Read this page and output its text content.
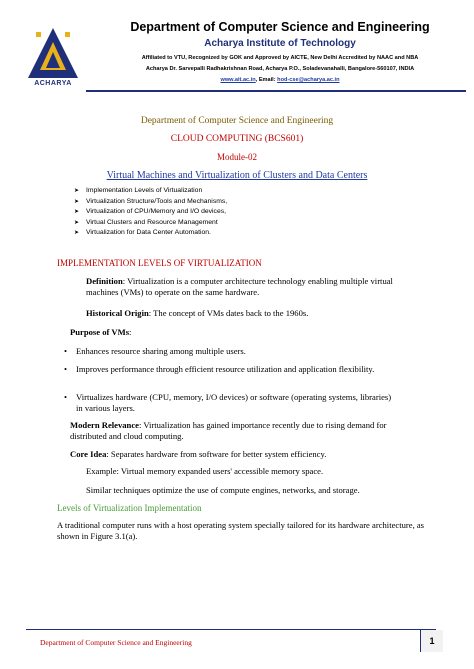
ACHARYA
Department of Computer Science and Engineering
Acharya Institute of Technology
Affiliated to VTU, Recognized by GOK and Approved by AICTE, New Delhi Accredited by NAAC and NBA
Acharya Dr. Sarvepalli Radhakrishnan Road, Acharya P.O., Soladevanahalli, Bangalore-560107, INDIA
www.ait.ac.in, Email: hod-cse@acharya.ac.in
Department of Computer Science and Engineering
CLOUD COMPUTING (BCS601)
Module-02
Virtual Machines and Virtualization of Clusters and Data Centers
➤ Implementation Levels of Virtualization
➤ Virtualization Structure/Tools and Mechanisms,
➤ Virtualization of CPU/Memory and I/O devices,
➤ Virtual Clusters and Resource Management
➤ Virtualization for Data Center Automation.
IMPLEMENTATION LEVELS OF VIRTUALIZATION
Definition: Virtualization is a computer architecture technology enabling multiple virtual machines (VMs) to operate on the same hardware.
Historical Origin: The concept of VMs dates back to the 1960s.
Purpose of VMs:
• Enhances resource sharing among multiple users.
• Improves performance through efficient resource utilization and application flexibility.
• Virtualizes hardware (CPU, memory, I/O devices) or software (operating systems, libraries) in various layers.
Modern Relevance: Virtualization has gained importance recently due to rising demand for distributed and cloud computing.
Core Idea: Separates hardware from software for better system efficiency.
Example: Virtual memory expanded users' accessible memory space.
Similar techniques optimize the use of compute engines, networks, and storage.
Levels of Virtualization Implementation
A traditional computer runs with a host operating system specially tailored for its hardware architecture, as shown in Figure 3.1(a).
Department of Computer Science and Engineering	1
